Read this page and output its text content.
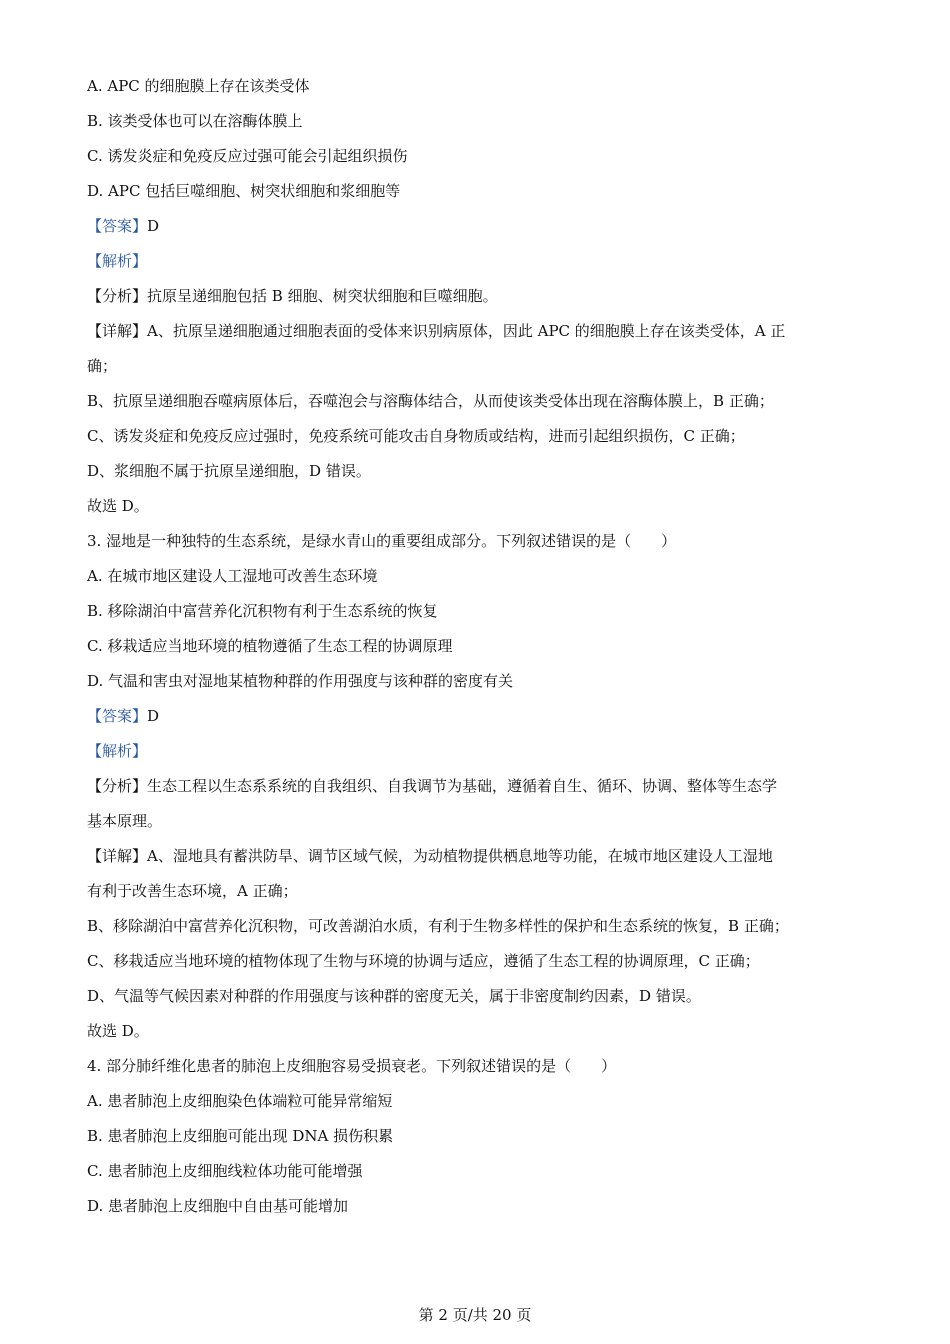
A. APC 的细胞膜上存在该类受体
B. 该类受体也可以在溶酶体膜上
C. 诱发炎症和免疫反应过强可能会引起组织损伤
D. APC 包括巨噬细胞、树突状细胞和浆细胞等
【答案】D
【解析】
【分析】抗原呈递细胞包括 B 细胞、树突状细胞和巨噬细胞。
【详解】A、抗原呈递细胞通过细胞表面的受体来识别病原体，因此 APC 的细胞膜上存在该类受体，A 正
确；
B、抗原呈递细胞吞噬病原体后，吞噬泡会与溶酶体结合，从而使该类受体出现在溶酶体膜上，B 正确；
C、诱发炎症和免疫反应过强时，免疫系统可能攻击自身物质或结构，进而引起组织损伤，C 正确；
D、浆细胞不属于抗原呈递细胞，D 错误。
故选 D。
3. 湿地是一种独特的生态系统，是绿水青山的重要组成部分。下列叙述错误的是（　　）
A. 在城市地区建设人工湿地可改善生态环境
B. 移除湖泊中富营养化沉积物有利于生态系统的恢复
C. 移栽适应当地环境的植物遵循了生态工程的协调原理
D. 气温和害虫对湿地某植物种群的作用强度与该种群的密度有关
【答案】D
【解析】
【分析】生态工程以生态系系统的自我组织、自我调节为基础，遵循着自生、循环、协调、整体等生态学
基本原理。
【详解】A、湿地具有蓄洪防旱、调节区域气候，为动植物提供栖息地等功能，在城市地区建设人工湿地
有利于改善生态环境，A 正确；
B、移除湖泊中富营养化沉积物，可改善湖泊水质，有利于生物多样性的保护和生态系统的恢复，B 正确；
C、移栽适应当地环境的植物体现了生物与环境的协调与适应，遵循了生态工程的协调原理，C 正确；
D、气温等气候因素对种群的作用强度与该种群的密度无关，属于非密度制约因素，D 错误。
故选 D。
4. 部分肺纤维化患者的肺泡上皮细胞容易受损衰老。下列叙述错误的是（　　）
A. 患者肺泡上皮细胞染色体端粒可能异常缩短
B. 患者肺泡上皮细胞可能出现 DNA 损伤积累
C. 患者肺泡上皮细胞线粒体功能可能增强
D. 患者肺泡上皮细胞中自由基可能增加
第 2 页/共 20 页
